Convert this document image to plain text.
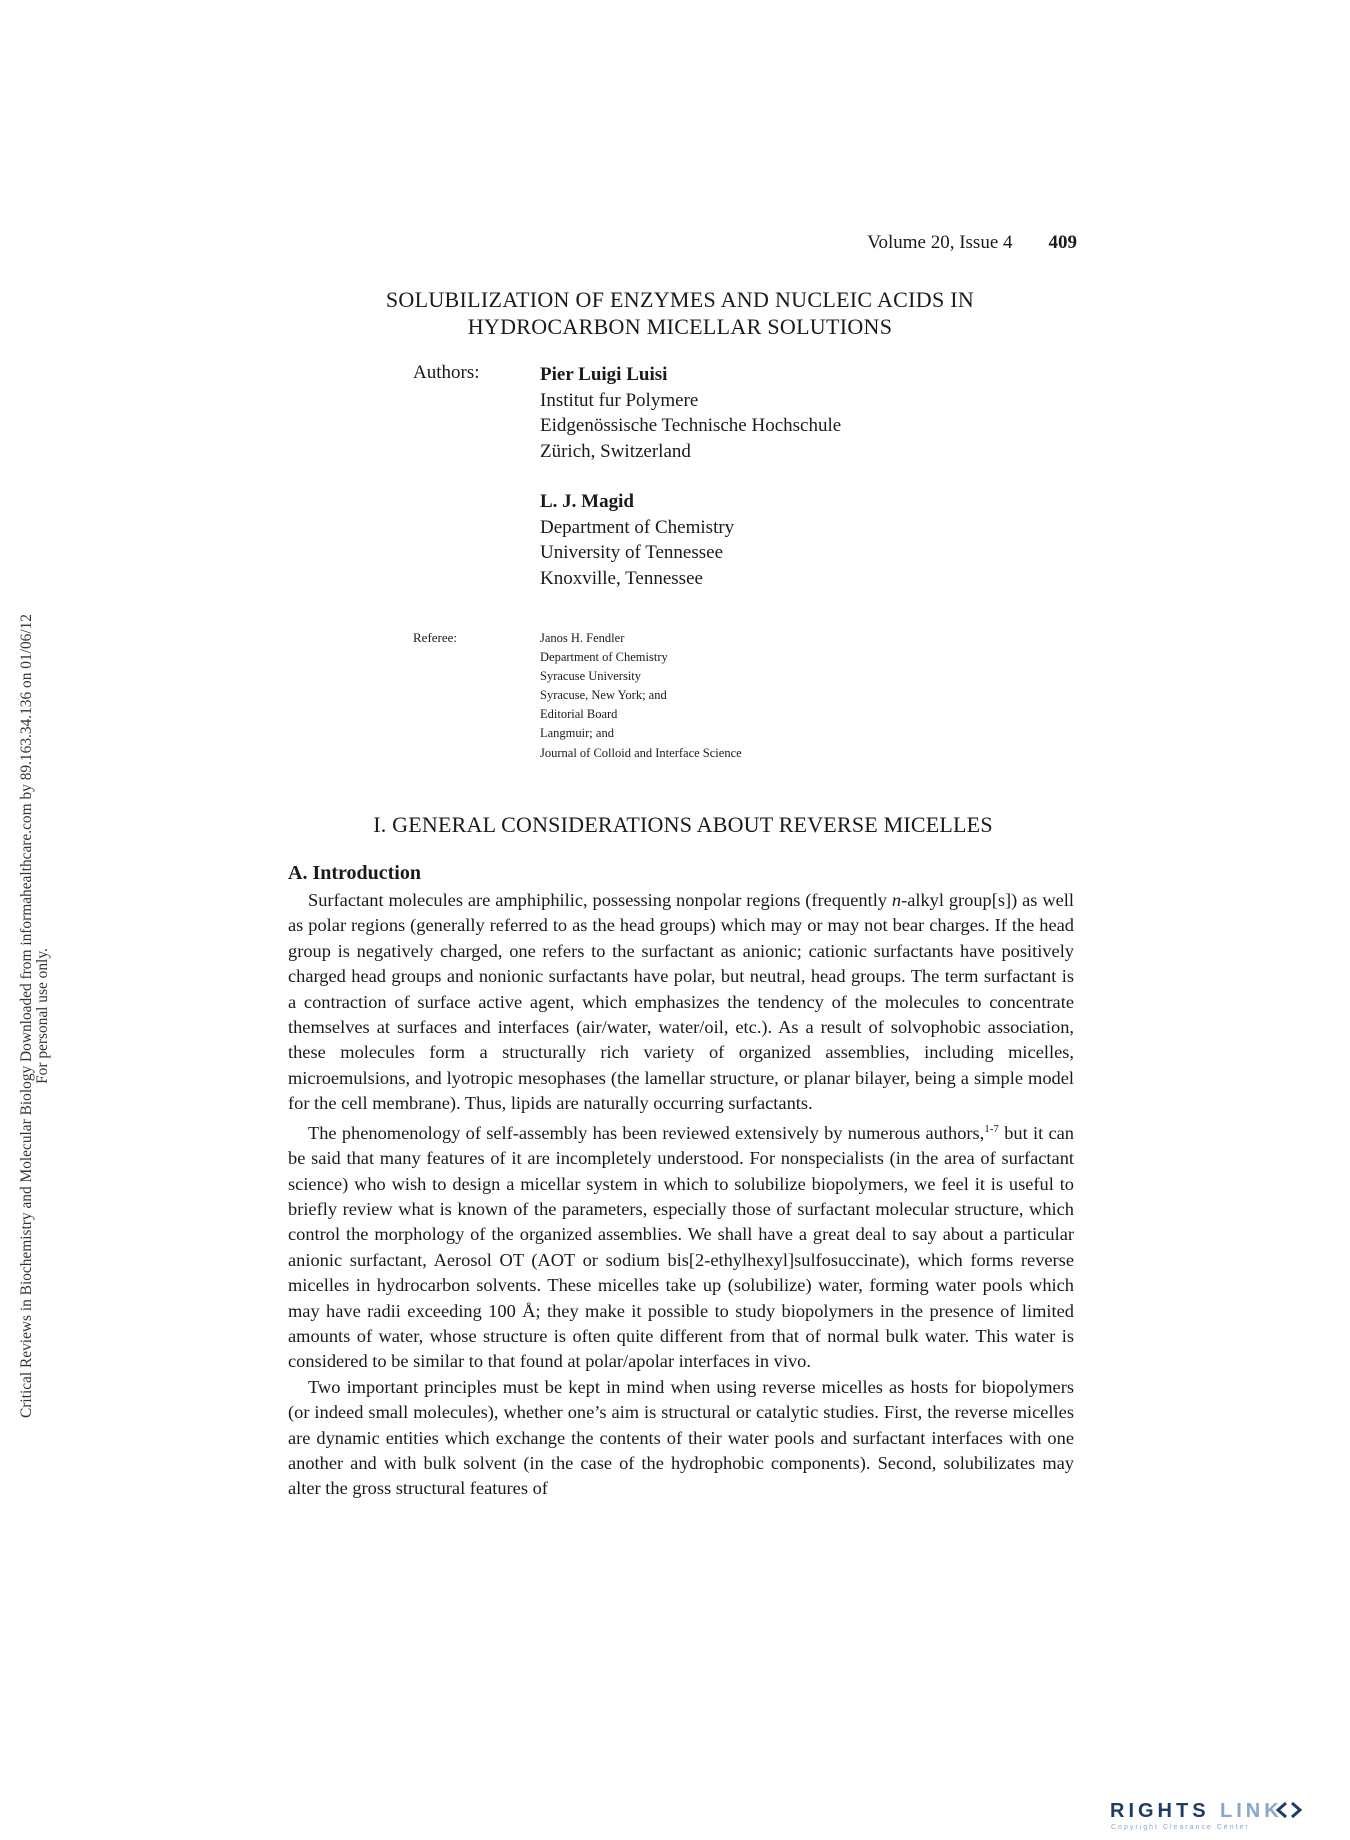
Volume 20, Issue 4 409
SOLUBILIZATION OF ENZYMES AND NUCLEIC ACIDS IN
HYDROCARBON MICELLAR SOLUTIONS
Authors:	Pier Luigi Luisi
Institut fur Polymere
Eidgenössische Technische Hochschule
Zürich, Switzerland
L. J. Magid
Department of Chemistry
University of Tennessee
Knoxville, Tennessee
Referee:	Janos H. Fendler
Department of Chemistry
Syracuse University
Syracuse, New York; and
Editorial Board
Langmuir; and
Journal of Colloid and Interface Science
I. GENERAL CONSIDERATIONS ABOUT REVERSE MICELLES
A. Introduction

Surfactant molecules are amphiphilic, possessing nonpolar regions (frequently n-alkyl group[s]) as well as polar regions (generally referred to as the head groups) which may or may not bear charges. If the head group is negatively charged, one refers to the surfactant as anionic; cationic surfactants have positively charged head groups and nonionic surfactants have polar, but neutral, head groups. The term surfactant is a contraction of surface active agent, which emphasizes the tendency of the molecules to concentrate themselves at surfaces and interfaces (air/water, water/oil, etc.). As a result of solvophobic association, these molecules form a structurally rich variety of organized assemblies, including micelles, microemulsions, and lyotropic mesophases (the lamellar structure, or planar bilayer, being a simple model for the cell membrane). Thus, lipids are naturally occurring surfactants.

The phenomenology of self-assembly has been reviewed extensively by numerous authors,$^{1-7}$ but it can be said that many features of it are incompletely understood. For nonspecialists (in the area of surfactant science) who wish to design a micellar system in which to solubilize biopolymers, we feel it is useful to briefly review what is known of the parameters, especially those of surfactant molecular structure, which control the morphology of the organized assemblies. We shall have a great deal to say about a particular anionic surfactant, Aerosol OT (AOT or sodium bis[2-ethylhexyl]sulfosuccinate), which forms reverse micelles in hydrocarbon solvents. These micelles take up (solubilize) water, forming water pools which may have radii exceeding 100 Å; they make it possible to study biopolymers in the presence of limited amounts of water, whose structure is often quite different from that of normal bulk water. This water is considered to be similar to that found at polar/apolar interfaces in vivo.

Two important principles must be kept in mind when using reverse micelles as hosts for biopolymers (or indeed small molecules), whether one’s aim is structural or catalytic studies. First, the reverse micelles are dynamic entities which exchange the contents of their water pools and surfactant interfaces with one another and with bulk solvent (in the case of the hydrophobic components). Second, solubilizates may alter the gross structural features of

Critical Reviews in Biochemistry and Molecular Biology Downloaded from informahealthcare.com by 89.163.34.136 on 01/06/12 For personal use only.
RIGHTS LINK
Copyright Clearance Center
